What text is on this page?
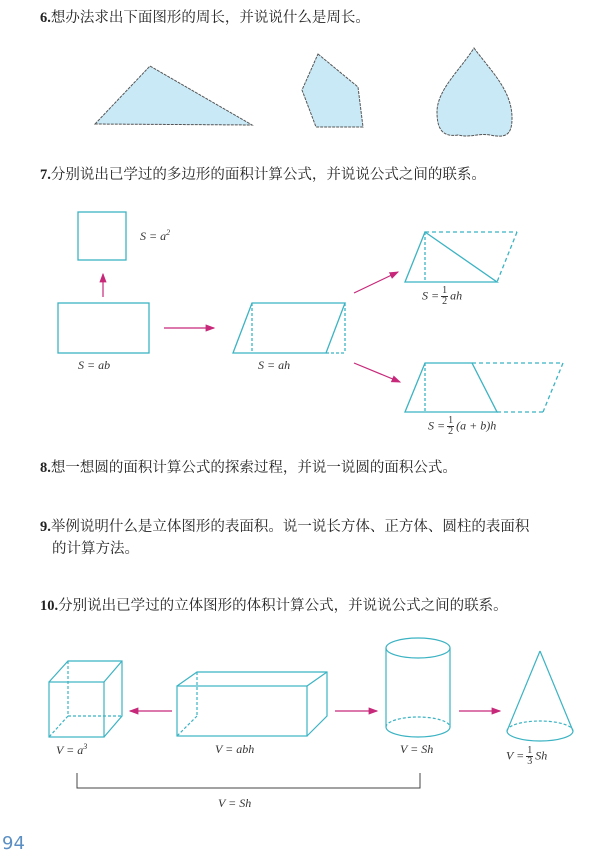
6.想办法求出下面图形的周长，并说说什么是周长。
7.分别说出已学过的多边形的面积计算公式，并说说公式之间的联系。
$S = a^2$
S = ab	S = ah
$S = \frac{1}{2}$ ah
$S = \frac{1}{2} (a + b)h$
8.想一想圆的面积计算公式的探索过程，并说一说圆的面积公式。
9.举例说明什么是立体图形的表面积。说一说长方体、正方体、圆柱的表面积
的计算方法。
10.分别说出已学过的立体图形的体积计算公式，并说说公式之间的联系。
$V = a^3$	V = abh	V = Sh	$V = \frac{1}{3}$ Sh
V = Sh
94
